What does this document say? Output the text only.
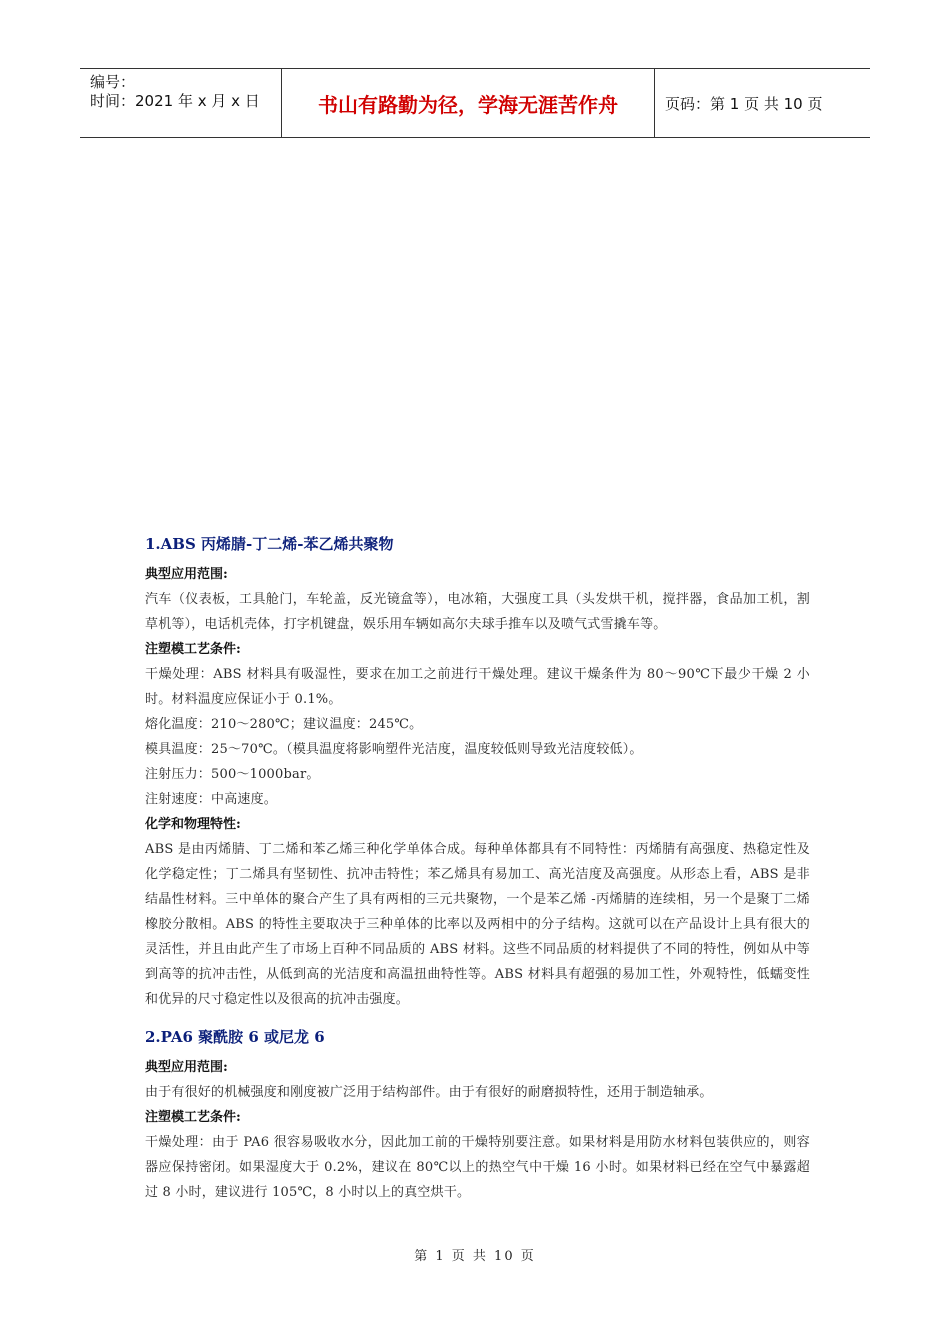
编号：
时间：2021 年 x 月 x 日	书山有路勤为径，学海无涯苦作舟	页码：第 1 页 共 10 页
1.ABS 丙烯腈-丁二烯-苯乙烯共聚物
典型应用范围:
汽车（仪表板，工具舱门，车轮盖，反光镜盒等），电冰箱，大强度工具（头发烘干机，搅拌器，食品加工机，割草机等），电话机壳体，打字机键盘，娱乐用车辆如高尔夫球手推车以及喷气式雪撬车等。
注塑模工艺条件:
干燥处理：ABS 材料具有吸湿性，要求在加工之前进行干燥处理。建议干燥条件为 80～90℃下最少干燥 2 小时。材料温度应保证小于 0.1%。
熔化温度：210～280℃；建议温度：245℃。
模具温度：25～70℃。（模具温度将影响塑件光洁度，温度较低则导致光洁度较低）。
注射压力：500～1000bar。
注射速度：中高速度。
化学和物理特性:
ABS 是由丙烯腈、丁二烯和苯乙烯三种化学单体合成。每种单体都具有不同特性：丙烯腈有高强度、热稳定性及化学稳定性；丁二烯具有坚韧性、抗冲击特性；苯乙烯具有易加工、高光洁度及高强度。从形态上看，ABS 是非结晶性材料。三中单体的聚合产生了具有两相的三元共聚物，一个是苯乙烯 -丙烯腈的连续相，另一个是聚丁二烯橡胶分散相。ABS 的特性主要取决于三种单体的比率以及两相中的分子结构。这就可以在产品设计上具有很大的灵活性，并且由此产生了市场上百种不同品质的 ABS 材料。这些不同品质的材料提供了不同的特性，例如从中等到高等的抗冲击性，从低到高的光洁度和高温扭曲特性等。ABS 材料具有超强的易加工性，外观特性，低蠕变性和优异的尺寸稳定性以及很高的抗冲击强度。
2.PA6 聚酰胺 6 或尼龙 6
典型应用范围:
由于有很好的机械强度和刚度被广泛用于结构部件。由于有很好的耐磨损特性，还用于制造轴承。
注塑模工艺条件:
干燥处理：由于 PA6 很容易吸收水分，因此加工前的干燥特别要注意。如果材料是用防水材料包装供应的，则容器应保持密闭。如果湿度大于 0.2%，建议在 80℃以上的热空气中干燥 16 小时。如果材料已经在空气中暴露超过 8 小时，建议进行 105℃，8 小时以上的真空烘干。
第 1 页 共 10 页
